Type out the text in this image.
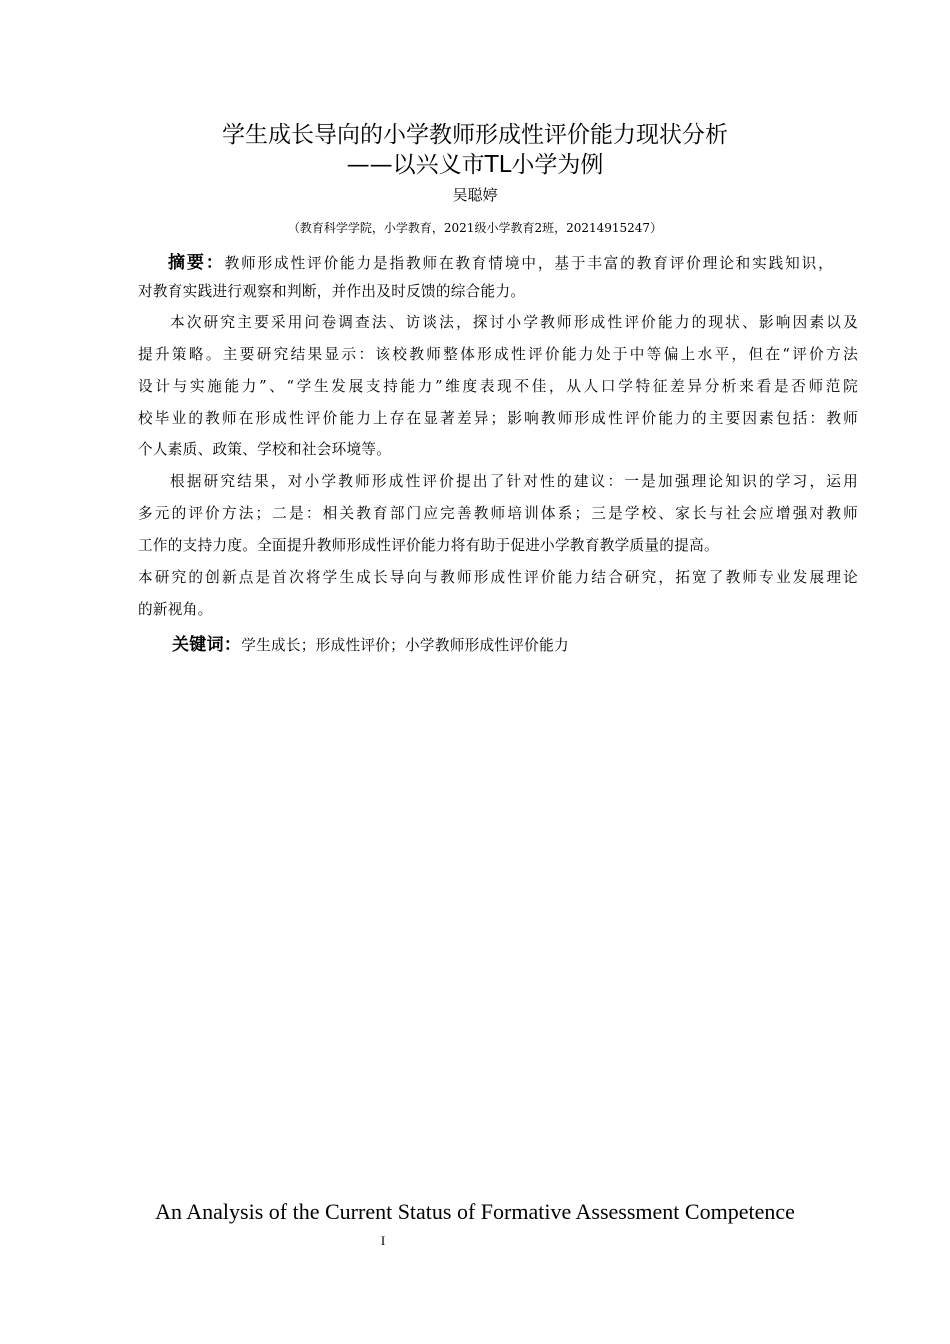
学生成长导向的小学教师形成性评价能力现状分析
——以兴义市TL小学为例
吴聪婷
（教育科学学院，小学教育，2021级小学教育2班，20214915247）
摘要：教师形成性评价能力是指教师在教育情境中，基于丰富的教育评价理论和实践知识，
对教育实践进行观察和判断，并作出及时反馈的综合能力。
本次研究主要采用问卷调查法、访谈法，探讨小学教师形成性评价能力的现状、影响因素以及
提升策略。主要研究结果显示：该校教师整体形成性评价能力处于中等偏上水平，但在“评价方法
设计与实施能力”、“学生发展支持能力”维度表现不佳，从人口学特征差异分析来看是否师范院
校毕业的教师在形成性评价能力上存在显著差异；影响教师形成性评价能力的主要因素包括：教师
个人素质、政策、学校和社会环境等。
根据研究结果，对小学教师形成性评价提出了针对性的建议：一是加强理论知识的学习，运用
多元的评价方法；二是：相关教育部门应完善教师培训体系；三是学校、家长与社会应增强对教师
工作的支持力度。全面提升教师形成性评价能力将有助于促进小学教育教学质量的提高。
本研究的创新点是首次将学生成长导向与教师形成性评价能力结合研究，拓宽了教师专业发展理论
的新视角。
关键词：学生成长；形成性评价；小学教师形成性评价能力
An Analysis of the Current Status of Formative Assessment Competence
I
